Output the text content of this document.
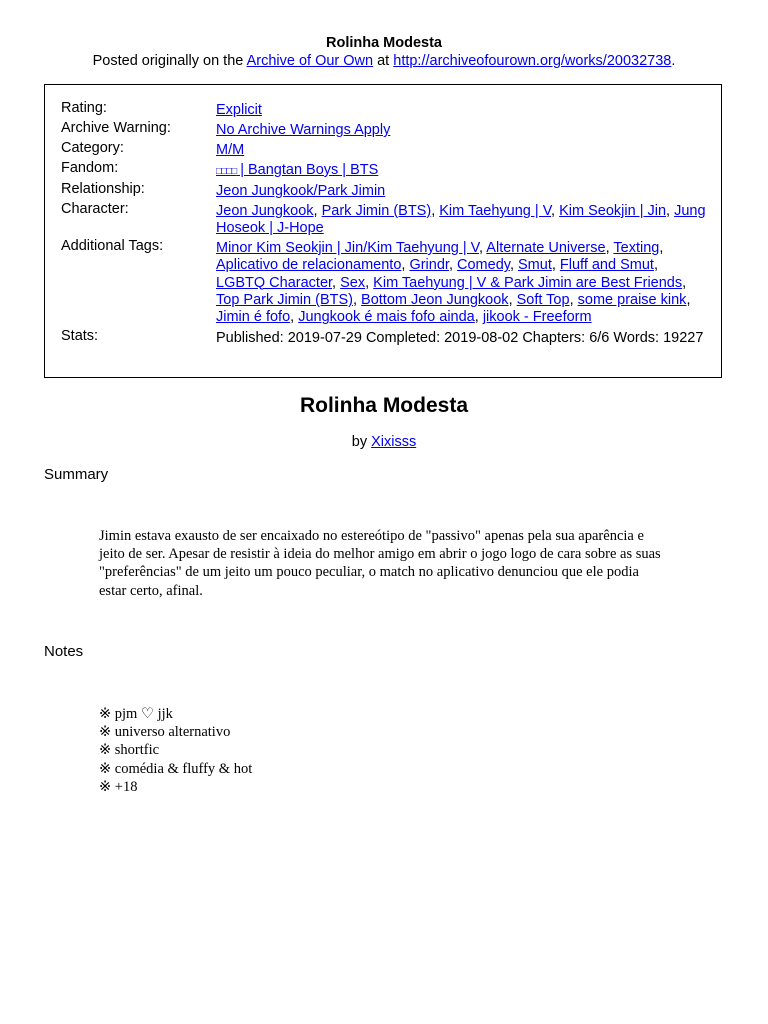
Rolinha Modesta
Posted originally on the Archive of Our Own at http://archiveofourown.org/works/20032738.
Rating:	Explicit
Archive Warning:	No Archive Warnings Apply
Category:	M/M
Fandom:	□□□□ | Bangtan Boys | BTS
Relationship:	Jeon Jungkook/Park Jimin
Character:	Jeon Jungkook, Park Jimin (BTS), Kim Taehyung | V, Kim Seokjin | Jin, Jung Hoseok | J-Hope
Additional Tags:	Minor Kim Seokjin | Jin/Kim Taehyung | V, Alternate Universe, Texting, Aplicativo de relacionamento, Grindr, Comedy, Smut, Fluff and Smut, LGBTQ Character, Sex, Kim Taehyung | V & Park Jimin are Best Friends, Top Park Jimin (BTS), Bottom Jeon Jungkook, Soft Top, some praise kink, Jimin é fofo, Jungkook é mais fofo ainda, jikook - Freeform
Stats:	Published: 2019-07-29 Completed: 2019-08-02 Chapters: 6/6 Words: 19227
Rolinha Modesta
by Xixisss
Summary
Jimin estava exausto de ser encaixado no estereótipo de "passivo" apenas pela sua aparência e jeito de ser. Apesar de resistir à ideia do melhor amigo em abrir o jogo logo de cara sobre as suas "preferências" de um jeito um pouco peculiar, o match no aplicativo denunciou que ele podia estar certo, afinal.
Notes
※ pjm ♡ jjk
※ universo alternativo
※ shortfic
※ comédia & fluffy & hot
※ +18
